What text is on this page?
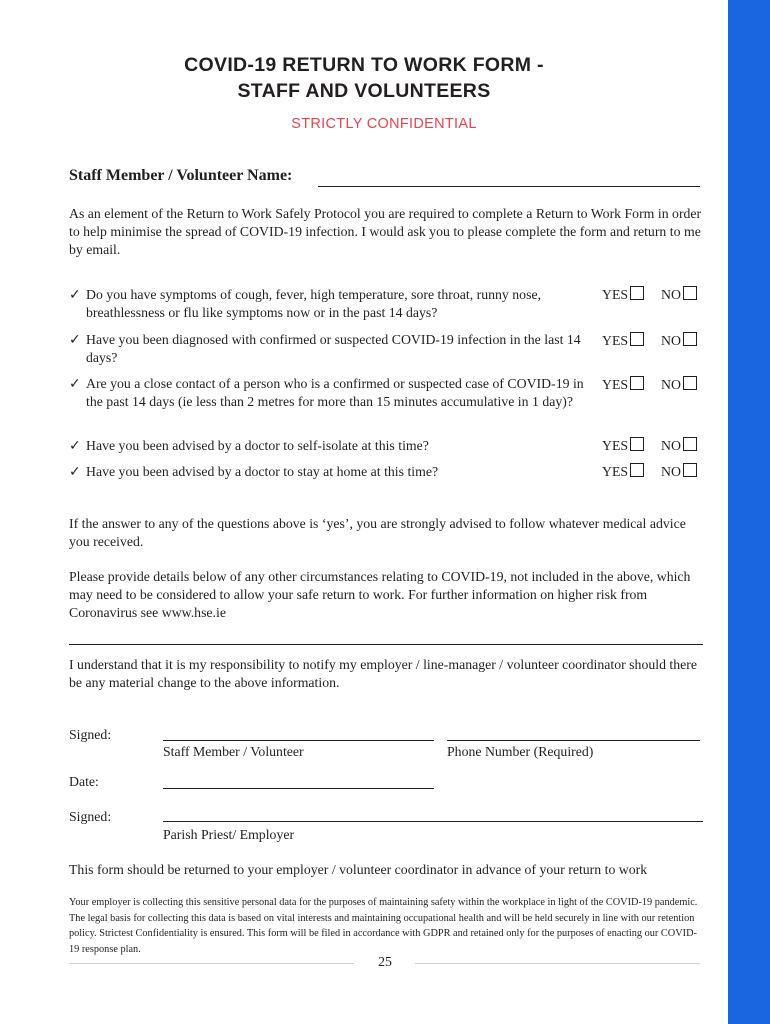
COVID-19 RETURN TO WORK FORM -
STAFF AND VOLUNTEERS
STRICTLY CONFIDENTIAL
Staff Member / Volunteer Name:
As an element of the Return to Work Safely Protocol you are required to complete a Return to Work Form in order to help minimise the spread of COVID-19 infection. I would ask you to please complete the form and return to me by email.
✓ Do you have symptoms of cough, fever, high temperature, sore throat, runny nose, breathlessness or flu like symptoms now or in the past 14 days?
YES NO
✓ Have you been diagnosed with confirmed or suspected COVID-19 infection in the last 14 days?
YES NO
✓ Are you a close contact of a person who is a confirmed or suspected case of COVID-19 in the past 14 days (ie less than 2 metres for more than 15 minutes accumulative in 1 day)?
YES NO
✓ Have you been advised by a doctor to self-isolate at this time?	YES NO
✓ Have you been advised by a doctor to stay at home at this time?	YES NO
If the answer to any of the questions above is ‘yes’, you are strongly advised to follow whatever medical advice you received.
Please provide details below of any other circumstances relating to COVID-19, not included in the above, which may need to be considered to allow your safe return to work. For further information on higher risk from Coronavirus see www.hse.ie
I understand that it is my responsibility to notify my employer / line-manager / volunteer coordinator should there be any material change to the above information.
Signed:
Staff Member / Volunteer	Phone Number (Required)
Date:
Signed:
Parish Priest/ Employer
This form should be returned to your employer / volunteer coordinator in advance of your return to work
Your employer is collecting this sensitive personal data for the purposes of maintaining safety within the workplace in light of the COVID-19 pandemic. The legal basis for collecting this data is based on vital interests and maintaining occupational health and will be held securely in line with our retention policy. Strictest Confidentiality is ensured. This form will be filed in accordance with GDPR and retained only for the purposes of enacting our COVID-19 response plan.
25
